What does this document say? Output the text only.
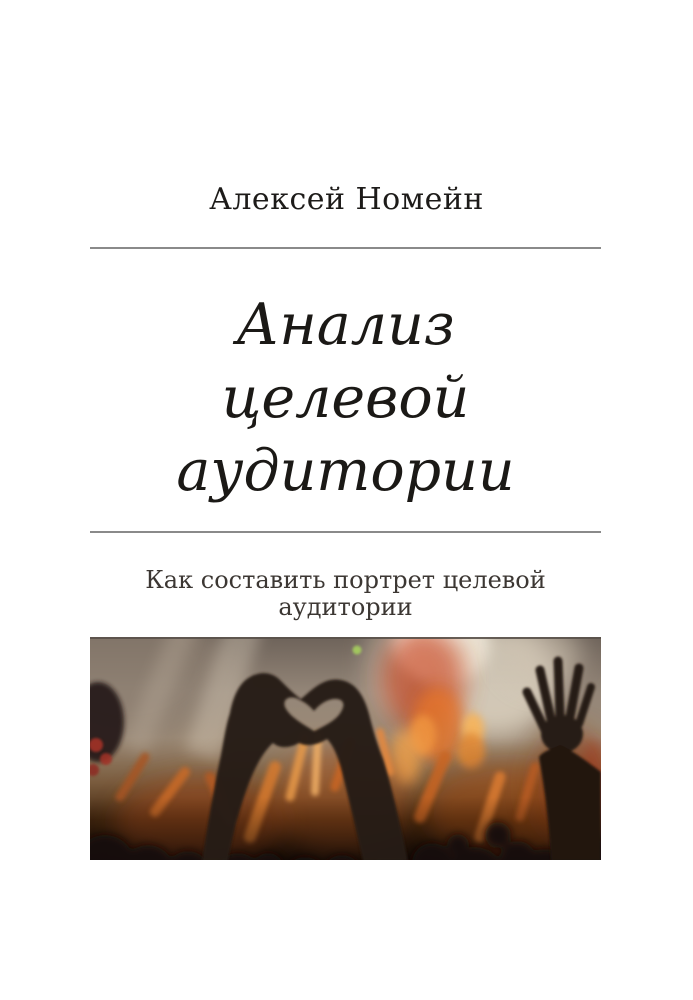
Алексей Номейн
Анализ
целевой
аудитории
Как составить портрет целевой
аудитории
